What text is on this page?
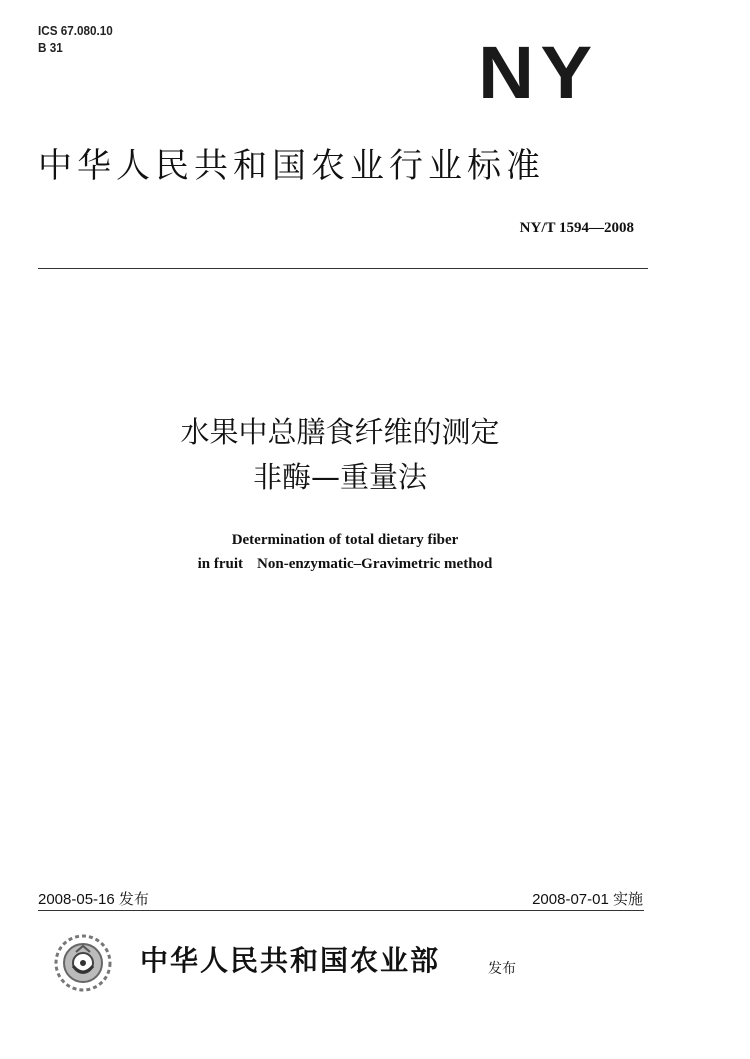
ICS 67.080.10
B 31	NY
中华人民共和国农业行业标准
NY/T 1594—2008
水果中总膳食纤维的测定
非酶—重量法
Determination of total dietary fiber
in fruit Non-enzymatic–Gravimetric method
2008-05-16 发布	2008-07-01 实施
中华人民共和国农业部	发布
